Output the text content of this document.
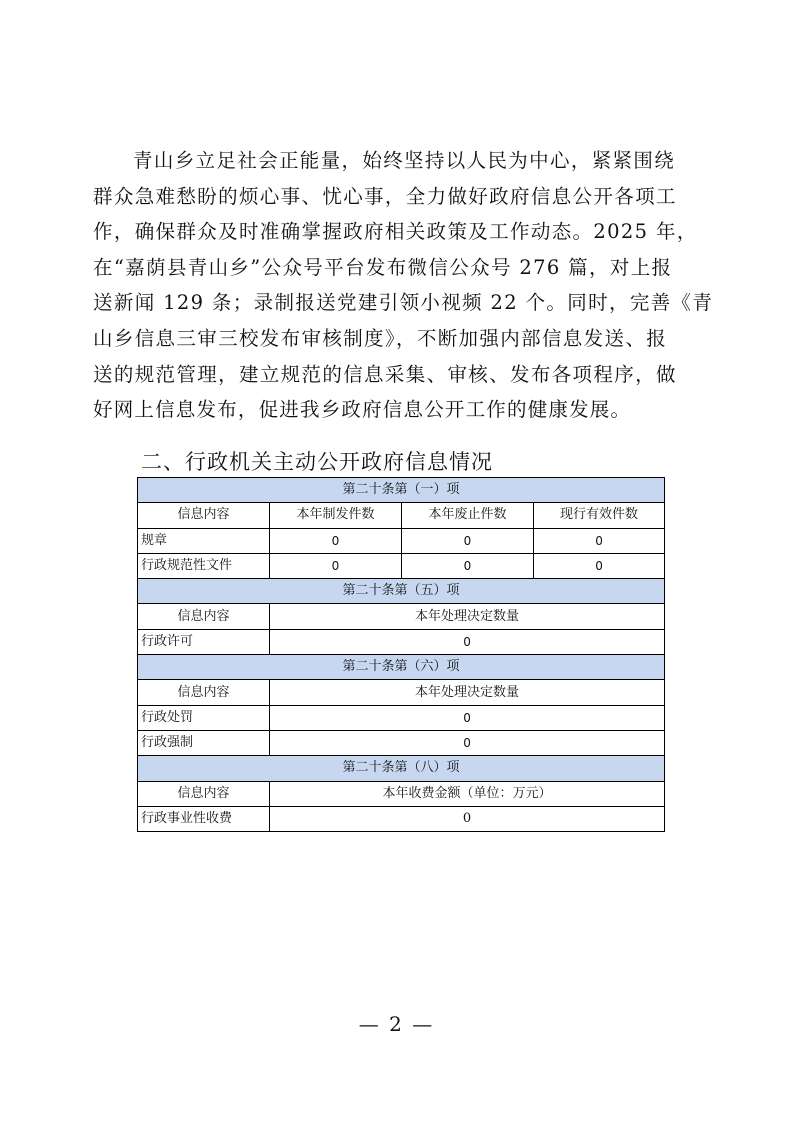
青山乡立足社会正能量，始终坚持以人民为中心，紧紧围绕
群众急难愁盼的烦心事、忧心事，全力做好政府信息公开各项工
作，确保群众及时准确掌握政府相关政策及工作动态。2025 年，
在“嘉荫县青山乡”公众号平台发布微信公众号 276 篇，对上报
送新闻 129 条；录制报送党建引领小视频 22 个。同时，完善《青
山乡信息三审三校发布审核制度》，不断加强内部信息发送、报
送的规范管理，建立规范的信息采集、审核、发布各项程序，做
好网上信息发布，促进我乡政府信息公开工作的健康发展。
二、行政机关主动公开政府信息情况
第二十条第（一）项			
信息内容	本年制发件数	本年废止件数	现行有效件数
规章	0	0	0
行政规范性文件	0	0	0
第二十条第（五）项			
信息内容	本年处理决定数量		
行政许可	0		
第二十条第（六）项			
信息内容	本年处理决定数量		
行政处罚	0		
行政强制	0		
第二十条第（八）项			
信息内容	本年收费金额（单位：万元）		
行政事业性收费	0		
— 2 —
